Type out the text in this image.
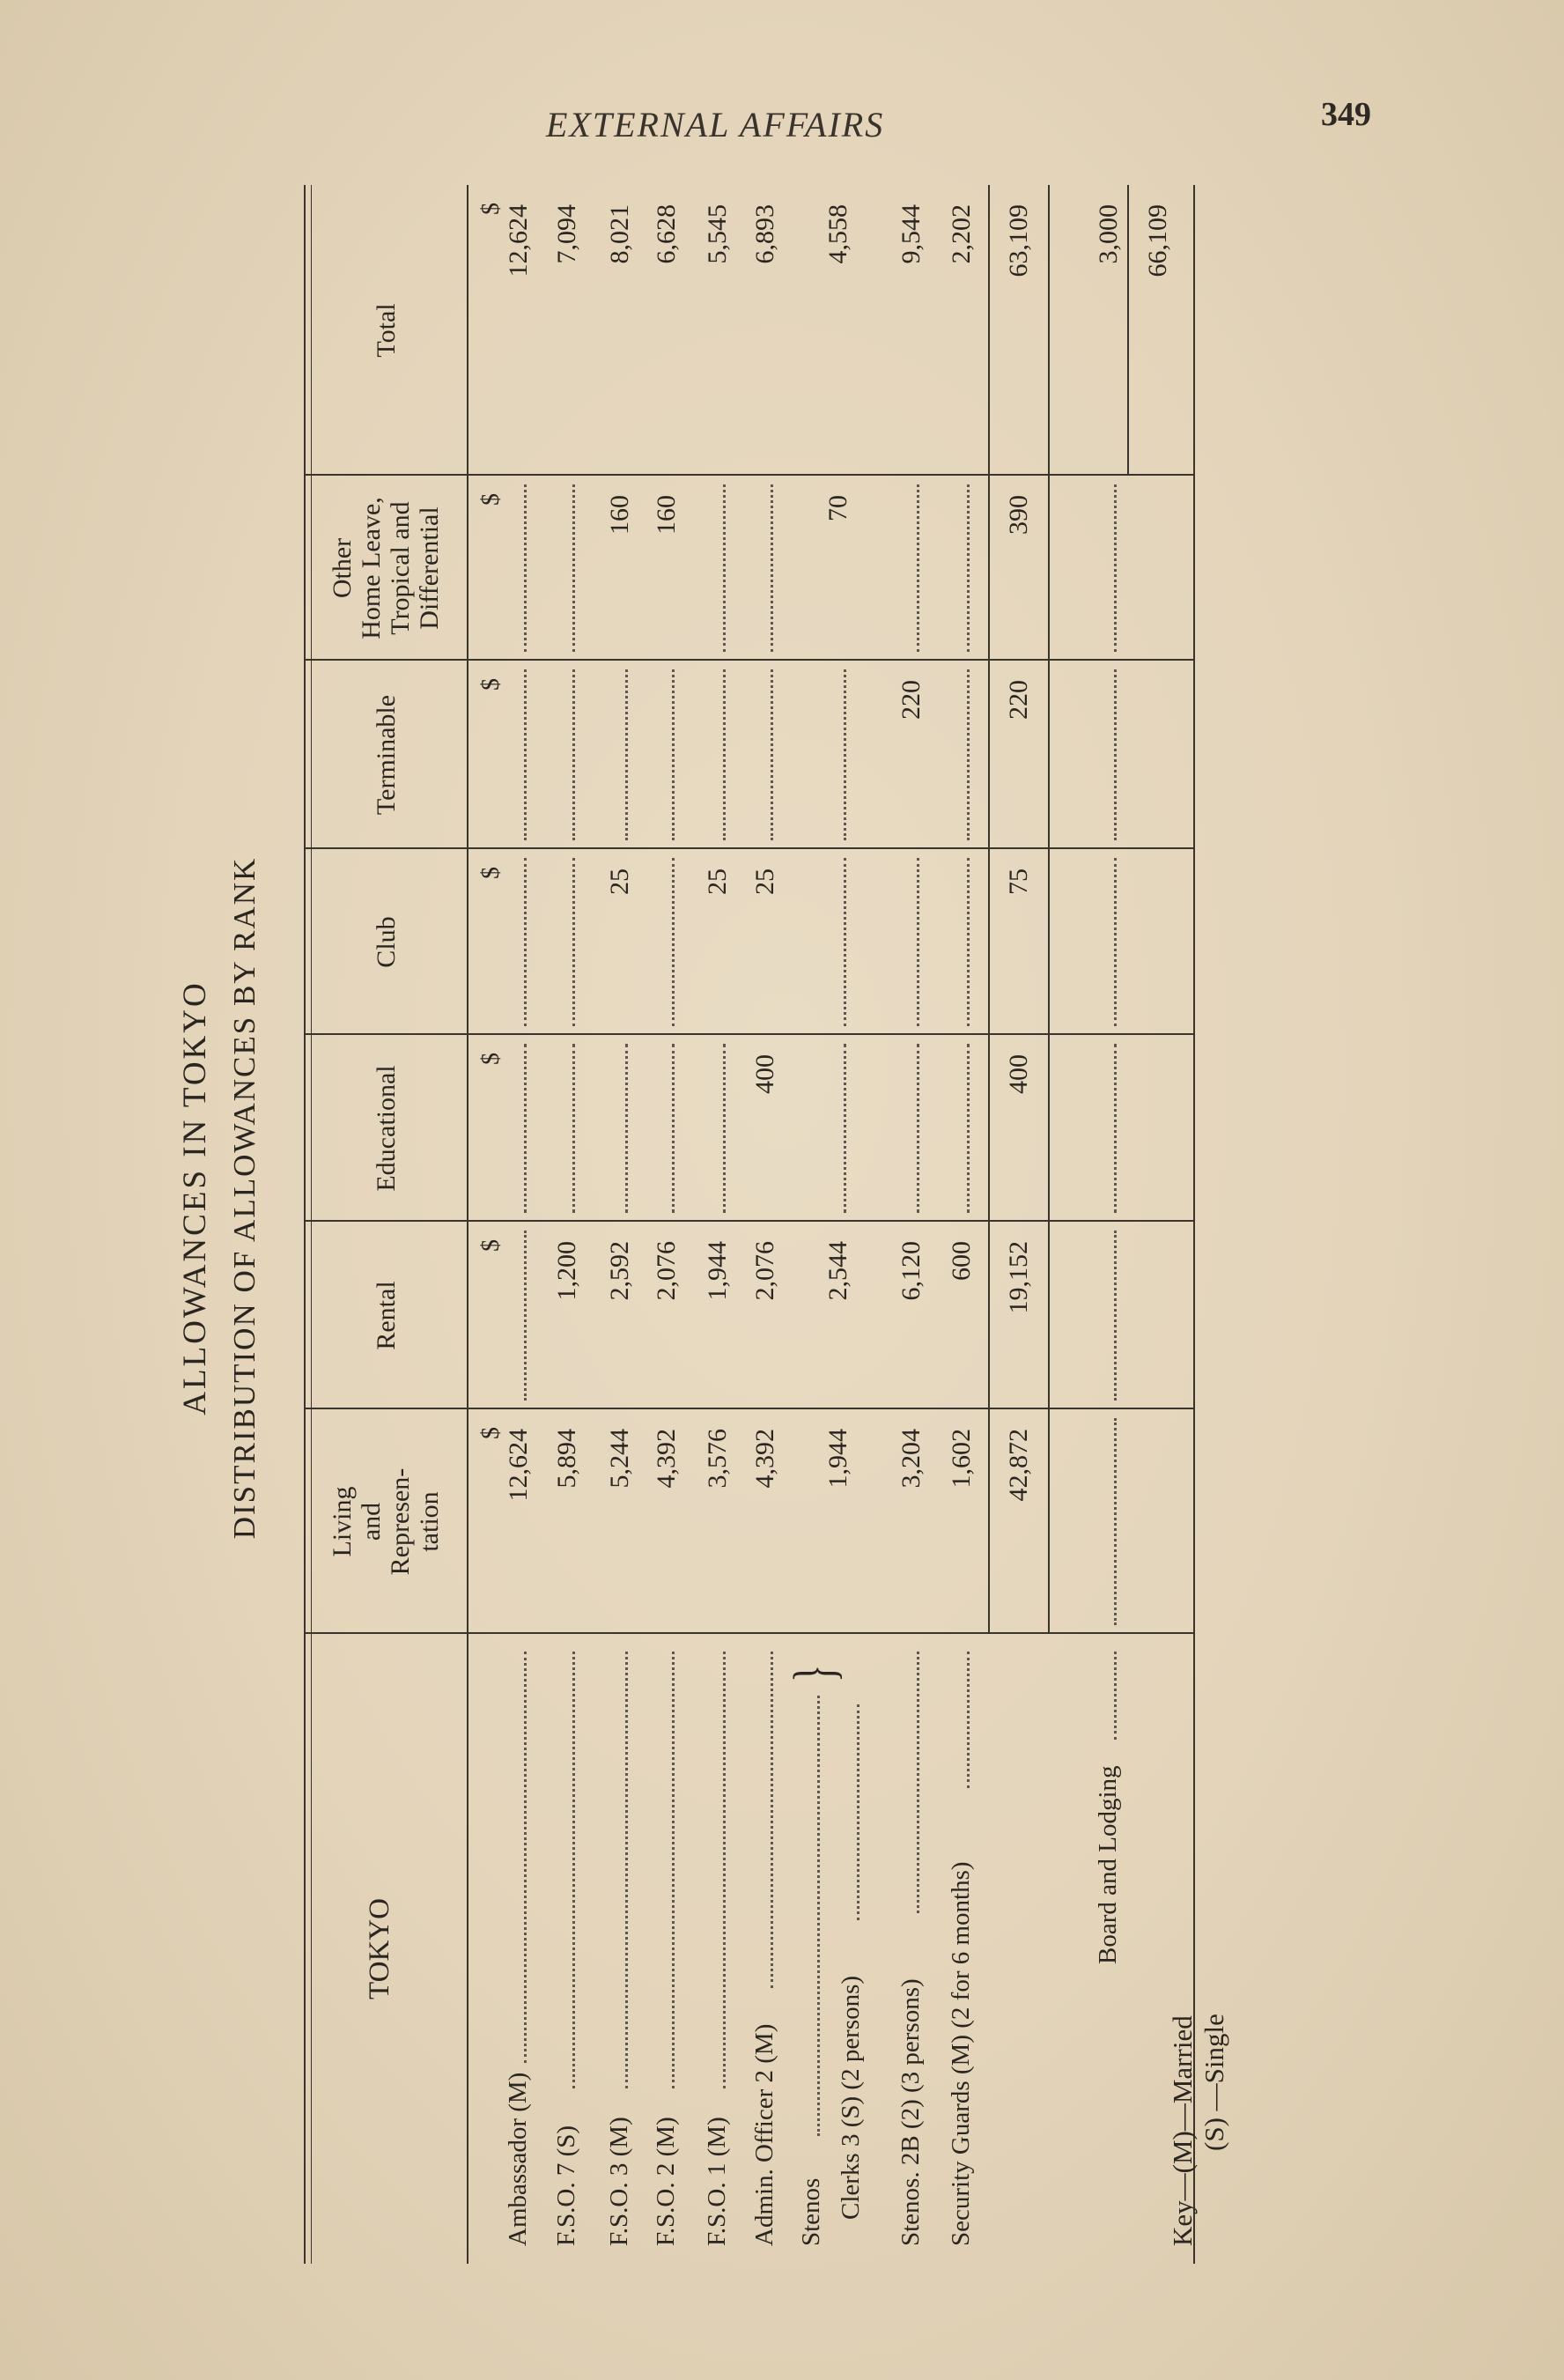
EXTERNAL AFFAIRS	349
ALLOWANCES IN TOKYO DISTRIBUTION OF ALLOWANCES BY RANK
TOKYO
Living and Represen- tation
$
Rental
$
Educational
$
Club
$
Terminable
$
Other Home Leave, Tropical and Differential
$
Total
$
Ambassador (M)
12,624
12,624
F.S.O. 7 (S)
5,894
1,200
7,094
F.S.O. 3 (M)
5,244
2,592
25
160
8,021
F.S.O. 2 (M)
4,392
2,076
160
6,628
F.S.O. 1 (M)
3,576
1,944
25
5,545
Admin. Officer 2 (M)
4,392
2,076
400
25
6,893
Stenos Clerks 3 (S) (2 persons)
}
1,944
2,544
70
4,558
Stenos. 2B (2) (3 persons)
3,204
6,120
220
9,544
Security Guards (M) (2 for 6 months)
1,602
600
2,202
42,872
19,152
400
75
220
390
63,109
Board and Lodging
3,000 66,109
Key—(M)—Married (S) —Single
